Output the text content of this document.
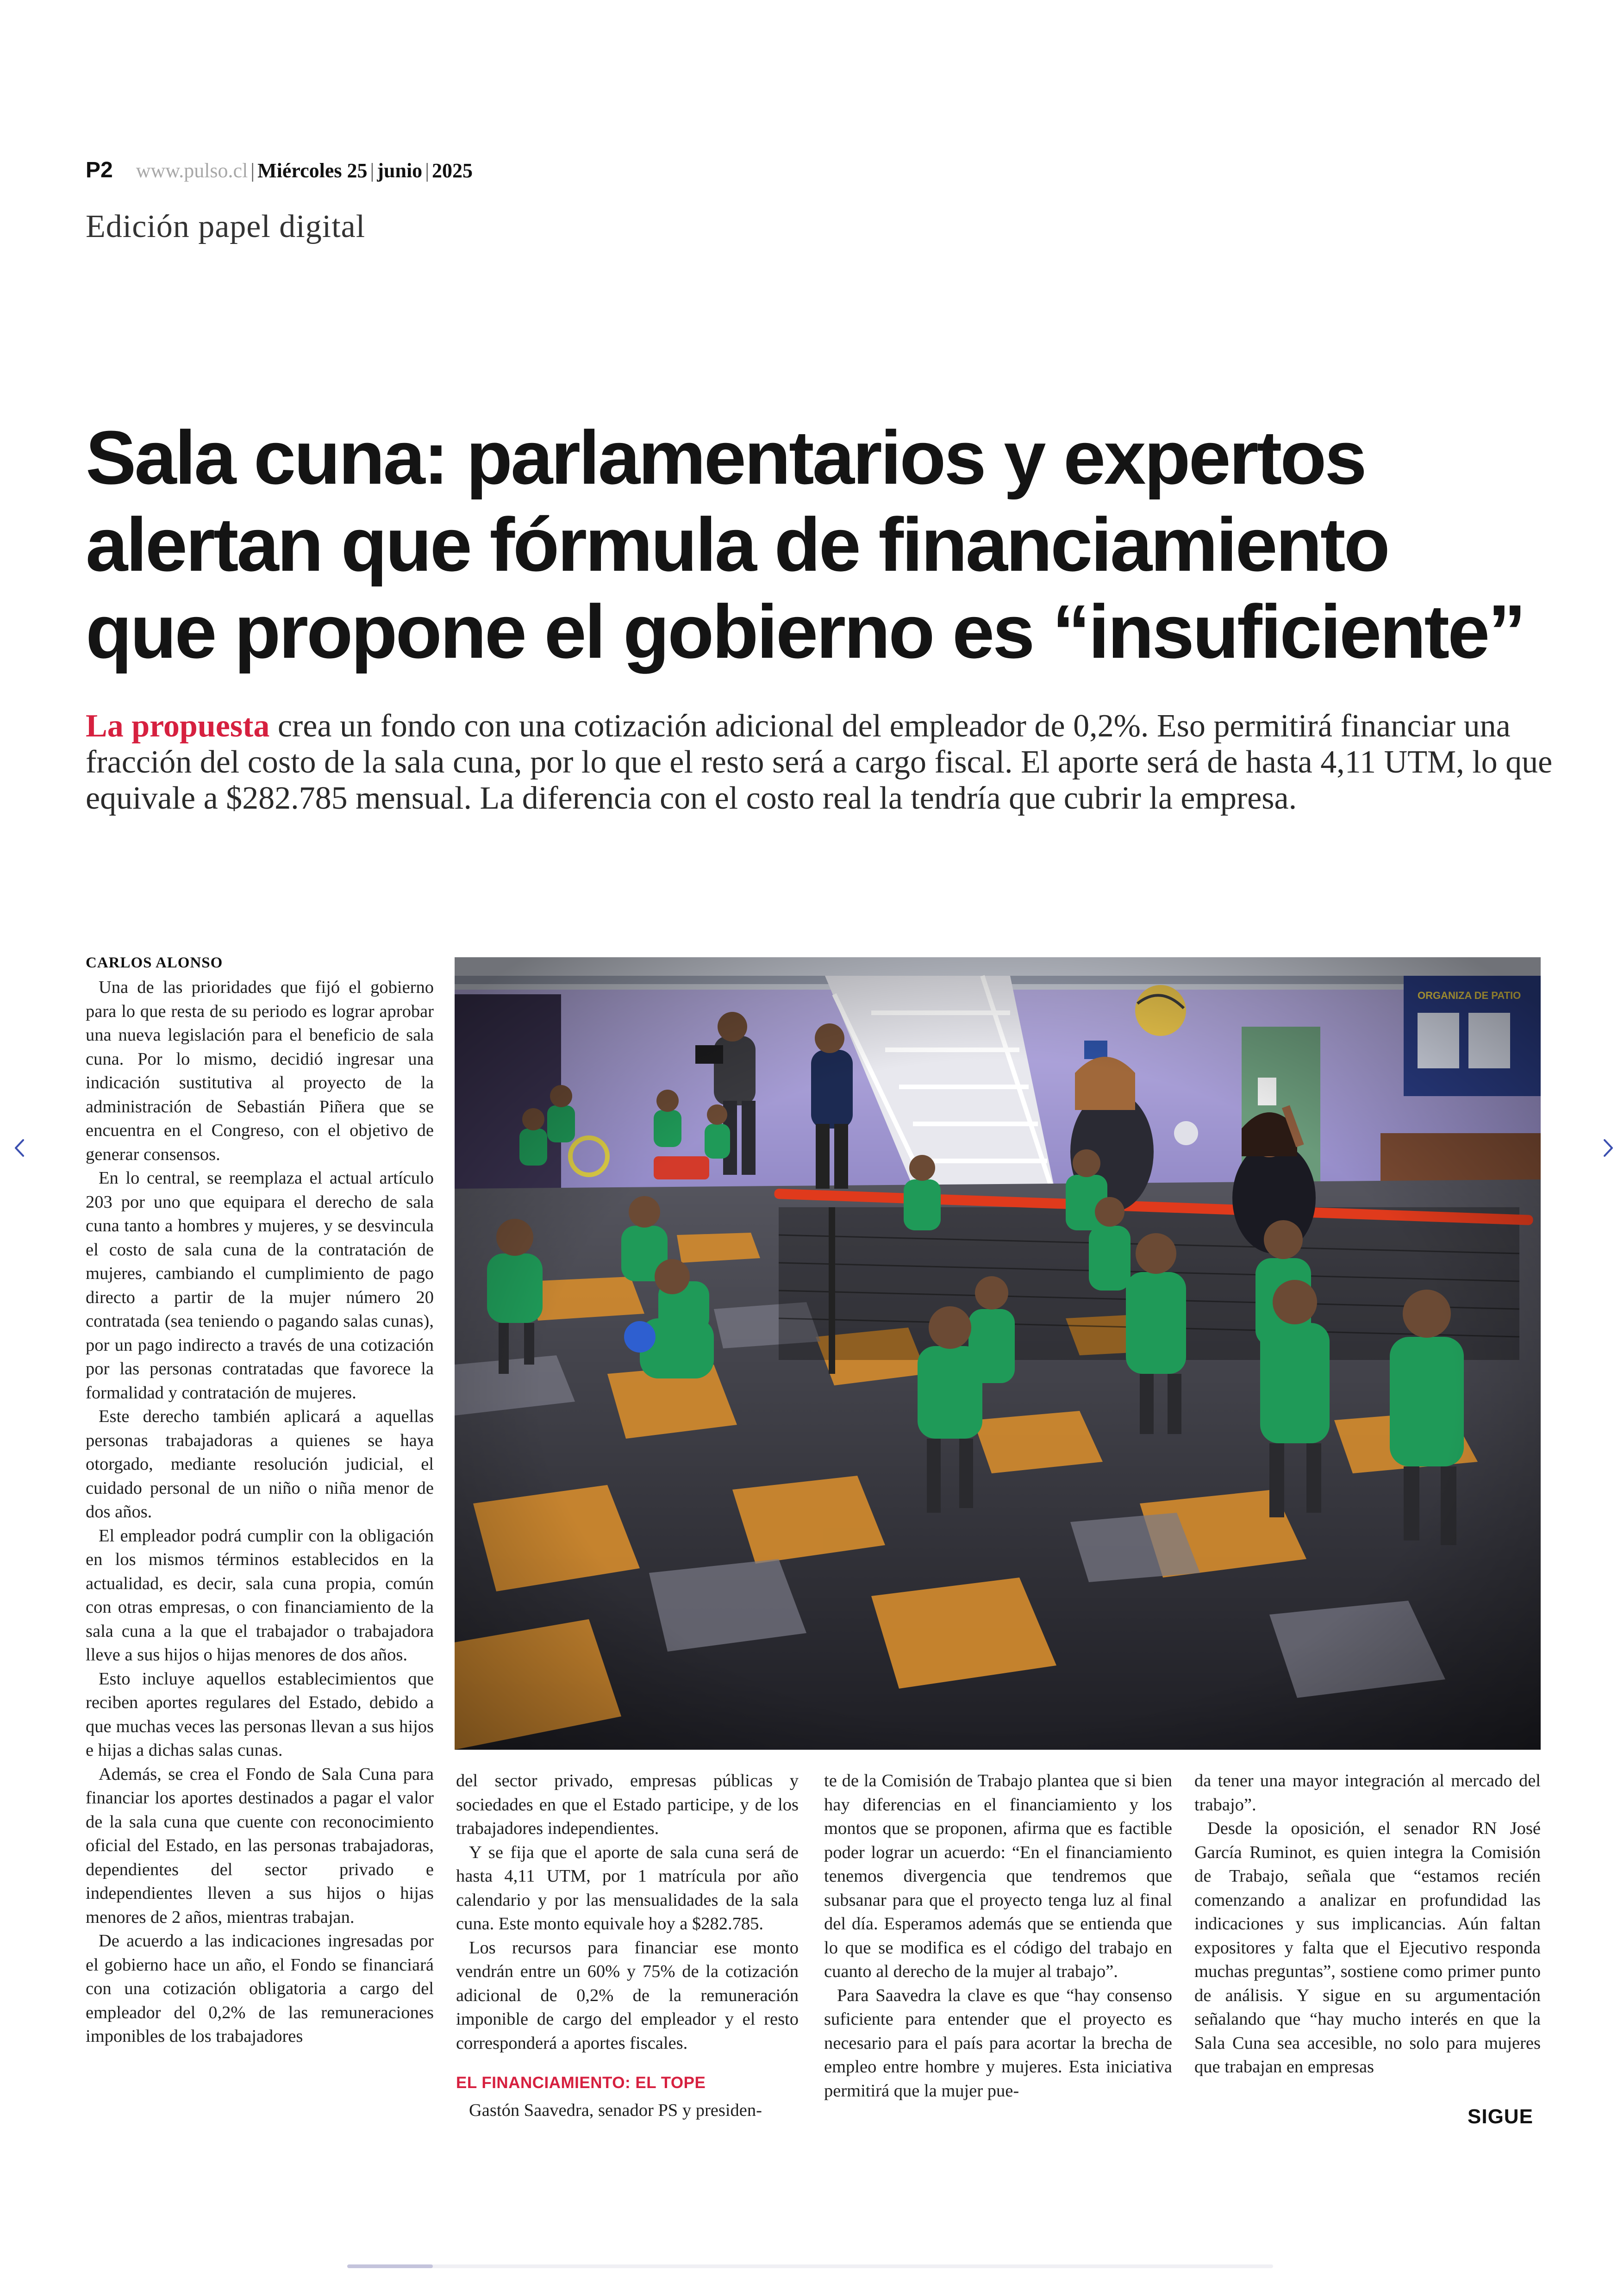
P2 www.pulso.cl | Miércoles 25 | junio | 2025
Edición papel digital
Sala cuna: parlamentarios y expertos
alertan que fórmula de financiamiento
que propone el gobierno es “insuficiente”

La propuesta crea un fondo con una cotización adicional del empleador de 0,2%. Eso permitirá financiar una fracción del costo de la sala cuna, por lo que el resto será a cargo fiscal. El aporte será de hasta 4,11 UTM, lo que equivale a $282.785 mensual. La diferencia con el costo real la tendría que cubrir la empresa.

CARLOS ALONSO

Una de las prioridades que fijó el gobierno para lo que resta de su periodo es lograr aprobar una nueva legislación para el beneficio de sala cuna. Por lo mismo, decidió ingresar una indicación sustitutiva al proyecto de la administración de Sebastián Piñera que se encuentra en el Congreso, con el objetivo de generar consensos.

En lo central, se reemplaza el actual artículo 203 por uno que equipara el derecho de sala cuna tanto a hombres y mujeres, y se desvincula el costo de sala cuna de la contratación de mujeres, cambiando el cumplimiento de pago directo a partir de la mujer número 20 contratada (sea teniendo o pagando salas cunas), por un pago indirecto a través de una cotización por las personas contratadas que favorece la formalidad y contratación de mujeres.

Este derecho también aplicará a aquellas personas trabajadoras a quienes se haya otorgado, mediante resolución judicial, el cuidado personal de un niño o niña menor de dos años.

El empleador podrá cumplir con la obligación en los mismos términos establecidos en la actualidad, es decir, sala cuna propia, común con otras empresas, o con financiamiento de la sala cuna a la que el trabajador o trabajadora lleve a sus hijos o hijas menores de dos años.

Esto incluye aquellos establecimientos que reciben aportes regulares del Estado, debido a que muchas veces las personas llevan a sus hijos e hijas a dichas salas cunas.

Además, se crea el Fondo de Sala Cuna para financiar los aportes destinados a pagar el valor de la sala cuna que cuente con reconocimiento oficial del Estado, en las personas trabajadoras, dependientes del sector privado e independientes lleven a sus hijos o hijas menores de 2 años, mientras trabajan.

De acuerdo a las indicaciones ingresadas por el gobierno hace un año, el Fondo se financiará con una cotización obligatoria a cargo del empleador del 0,2% de las remuneraciones imponibles de los trabajadores

del sector privado, empresas públicas y sociedades en que el Estado participe, y de los trabajadores independientes.

Y se fija que el aporte de sala cuna será de hasta 4,11 UTM, por 1 matrícula por año calendario y por las mensualidades de la sala cuna. Este monto equivale hoy a $282.785.

Los recursos para financiar ese monto vendrán entre un 60% y 75% de la cotización adicional de 0,2% de la remuneración imponible de cargo del empleador y el resto corresponderá a aportes fiscales.

EL FINANCIAMIENTO: EL TOPE

Gastón Saavedra, senador PS y presiden-

te de la Comisión de Trabajo plantea que si bien hay diferencias en el financiamiento y los montos que se proponen, afirma que es factible poder lograr un acuerdo: “En el financiamiento tenemos divergencia que tendremos que subsanar para que el proyecto tenga luz al final del día. Esperamos además que se entienda que lo que se modifica es el código del trabajo en cuanto al derecho de la mujer al trabajo”.

Para Saavedra la clave es que “hay consenso suficiente para entender que el proyecto es necesario para el país para acortar la brecha de empleo entre hombre y mujeres. Esta iniciativa permitirá que la mujer pue-

da tener una mayor integración al mercado del trabajo”.

Desde la oposición, el senador RN José García Ruminot, es quien integra la Comisión de Trabajo, señala que “estamos recién comenzando a analizar en profundidad las indicaciones y sus implicancias. Aún faltan expositores y falta que el Ejecutivo responda muchas preguntas”, sostiene como primer punto de análisis. Y sigue en su argumentación señalando que “hay mucho interés en que la Sala Cuna sea accesible, no solo para mujeres que trabajan en empresas

SIGUE
